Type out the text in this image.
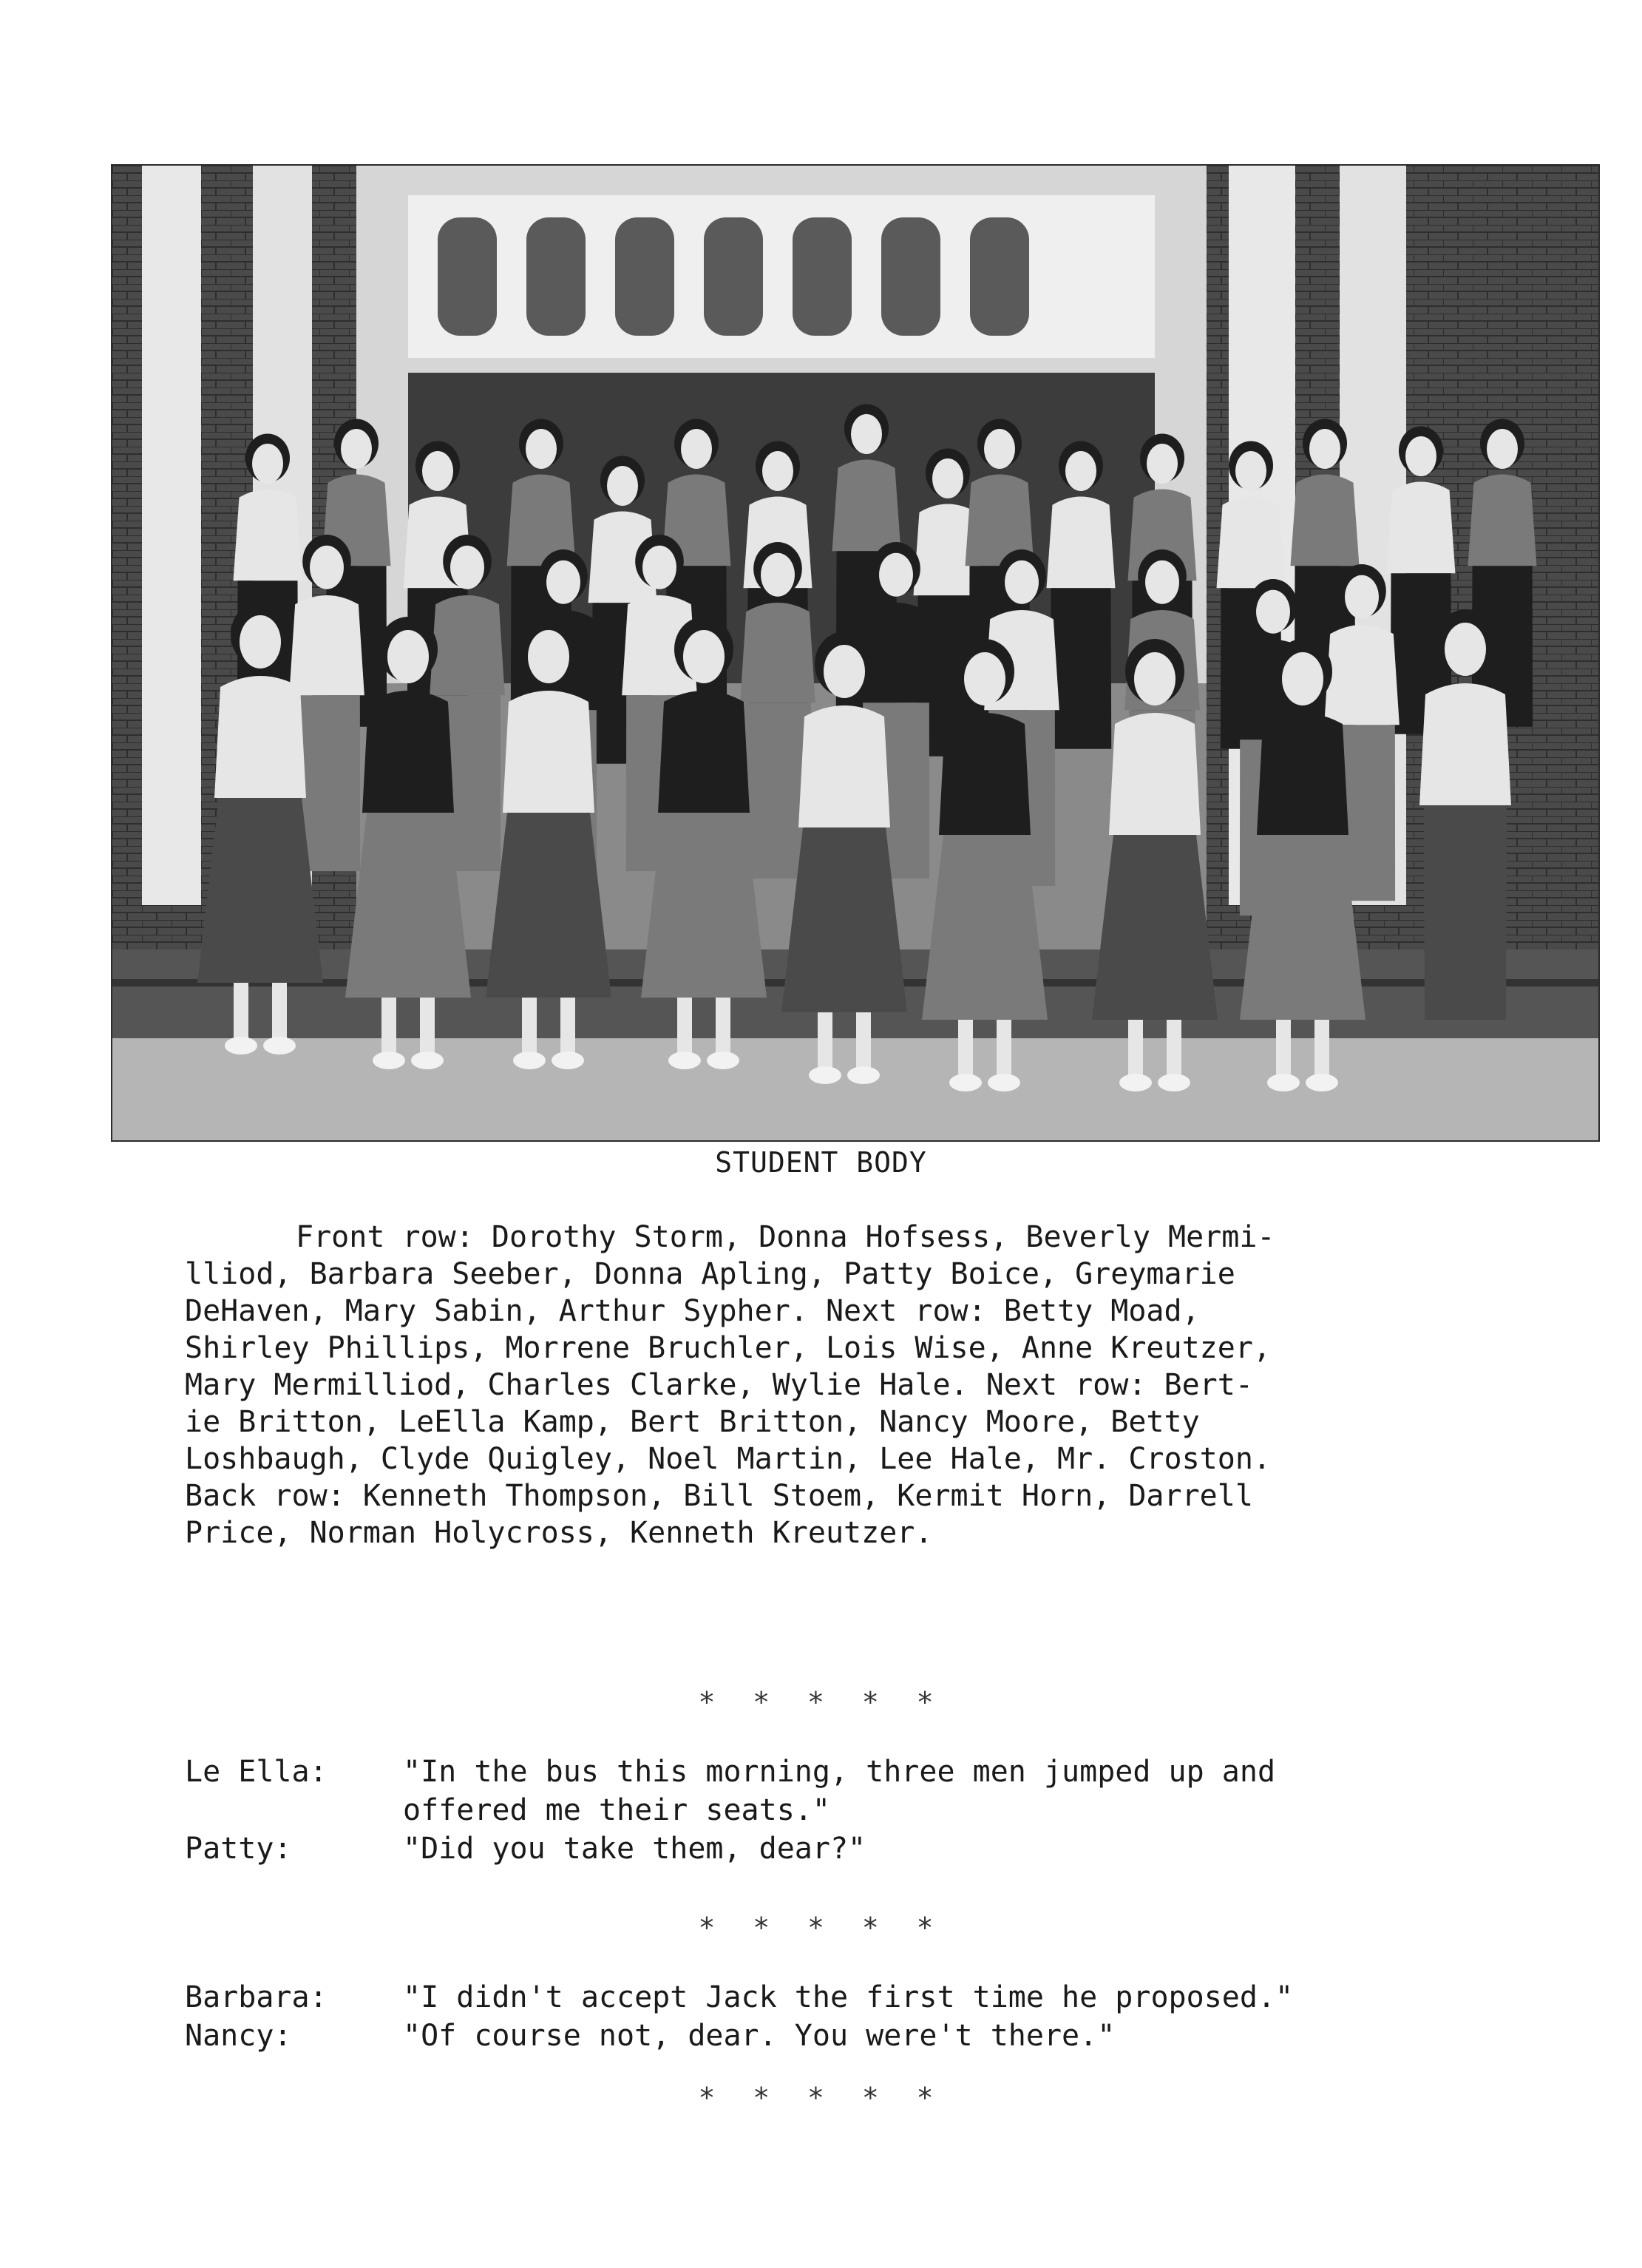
STUDENT BODY
Front row: Dorothy Storm, Donna Hofsess, Beverly Mermi-
lliod, Barbara Seeber, Donna Apling, Patty Boice, Greymarie
DeHaven, Mary Sabin, Arthur Sypher. Next row: Betty Moad,
Shirley Phillips, Morrene Bruchler, Lois Wise, Anne Kreutzer,
Mary Mermilliod, Charles Clarke, Wylie Hale. Next row: Bert-
ie Britton, LeElla Kamp, Bert Britton, Nancy Moore, Betty
Loshbaugh, Clyde Quigley, Noel Martin, Lee Hale, Mr. Croston.
Back row: Kenneth Thompson, Bill Stoem, Kermit Horn, Darrell
Price, Norman Holycross, Kenneth Kreutzer.
* * * * *
Le Ella:	"In the bus this morning, three men jumped up and
offered me their seats."
Patty:	"Did you take them, dear?"
* * * * *
Barbara:	"I didn't accept Jack the first time he proposed."
Nancy:	"Of course not, dear. You were't there."
* * * * *
